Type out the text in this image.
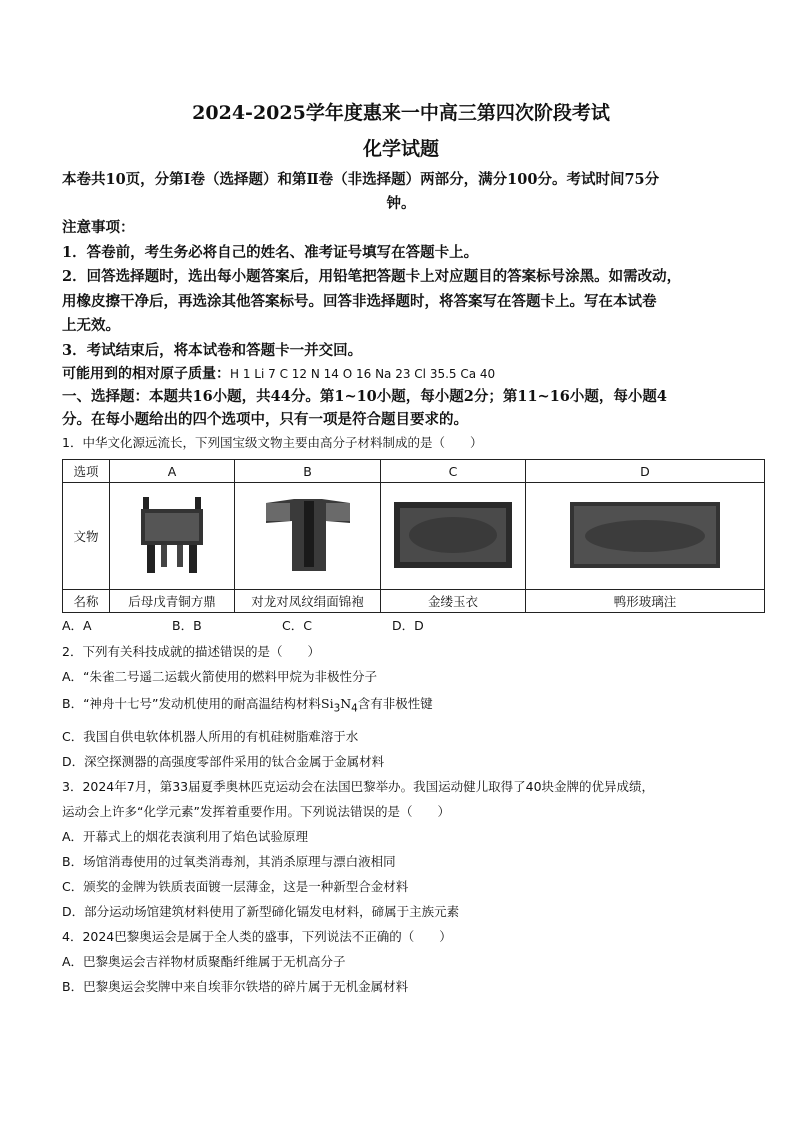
2024-2025学年度惠来一中高三第四次阶段考试

化学试题

本卷共10页，分第Ⅰ卷（选择题）和第Ⅱ卷（非选择题）两部分，满分100分。考试时间75分
钟。

注意事项：

1．答卷前，考生务必将自己的姓名、准考证号填写在答题卡上。

2．回答选择题时，选出每小题答案后，用铅笔把答题卡上对应题目的答案标号涂黑。如需改动，

用橡皮擦干净后，再选涂其他答案标号。回答非选择题时，将答案写在答题卡上。写在本试卷

上无效。

3．考试结束后，将本试卷和答题卡一并交回。

可能用到的相对原子质量：H 1 Li 7 C 12 N 14 O 16 Na 23 Cl 35.5 Ca 40

一、选择题：本题共16小题，共44分。第1~10小题，每小题2分；第11~16小题，每小题4

分。在每小题给出的四个选项中，只有一项是符合题目要求的。

1．中华文化源远流长，下列国宝级文物主要由高分子材料制成的是（　　）

选项	A	B	C	D
文物				
名称	后母戊青铜方鼎	对龙对凤纹绢面锦袍	金缕玉衣	鸭形玻璃注
A．A	B．B	C．C	D．D

2．下列有关科技成就的描述错误的是（　　）

A．“朱雀二号遥二运载火箭使用的燃料甲烷为非极性分子

B．“神舟十七号”发动机使用的耐高温结构材料$Si_3N_4$含有非极性键

C．我国自供电软体机器人所用的有机硅树脂难溶于水

D．深空探测器的高强度零部件采用的钛合金属于金属材料

3．2024年7月，第33届夏季奥林匹克运动会在法国巴黎举办。我国运动健儿取得了40块金牌的优异成绩，

运动会上许多“化学元素”发挥着重要作用。下列说法错误的是（　　）

A．开幕式上的烟花表演利用了焰色试验原理

B．场馆消毒使用的过氧类消毒剂，其消杀原理与漂白液相同

C．颁奖的金牌为铁质表面镀一层薄金，这是一种新型合金材料

D．部分运动场馆建筑材料使用了新型碲化镉发电材料，碲属于主族元素

4．2024巴黎奥运会是属于全人类的盛事，下列说法不正确的（　　）

A．巴黎奥运会吉祥物材质聚酯纤维属于无机高分子

B．巴黎奥运会奖牌中来自埃菲尔铁塔的碎片属于无机金属材料
